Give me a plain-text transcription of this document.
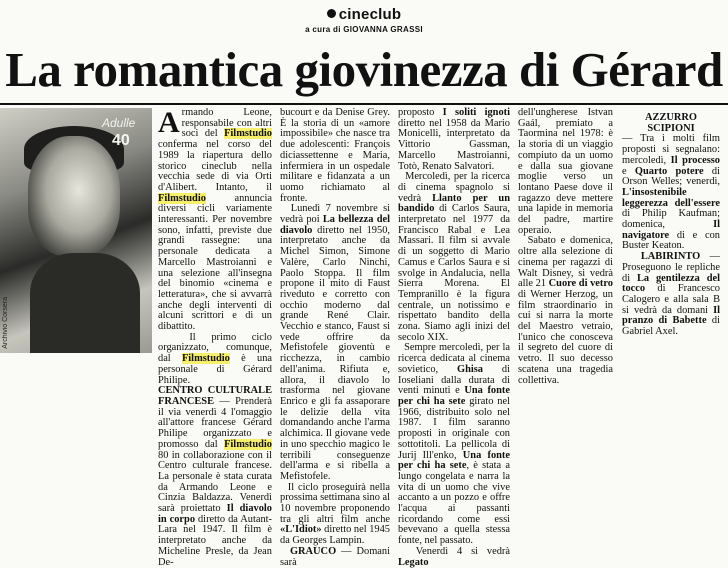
cineclub
a cura di GIOVANNA GRASSI
La romantica giovinezza di Gérard
Adulle
40
Archivio Corsera

Armando Leone, responsabile con altri soci del Filmstudio conferma nel corso del 1989 la riapertura dello storico cineclub nella vecchia sede di via Orti d'Alibert. Intanto, il Filmstudio annuncia diversi cicli variamente interessanti. Per novembre sono, infatti, previste due grandi rassegne: una personale dedicata a Marcello Mastroianni e una selezione all'insegna del binomio «cinema e letteratura», che si avvarrà anche degli interventi di alcuni scrittori e di un dibattito.

Il primo ciclo organizzato, comunque, dal Filmstudio è una personale di Gérard Philipe.

CENTRO CULTURALE FRANCESE — Prenderà il via venerdì 4 l'omaggio all'attore francese Gérard Philipe organizzato e promosso dal Filmstudio 80 in collaborazione con il Centro culturale francese. La personale è stata curata da Armando Leone e Cinzia Baldazza. Venerdì sarà proiettato Il diavolo in corpo diretto da Autant-Lara nel 1947. Il film è interpretato anche da Micheline Presle, da Jean De-

bucourt e da Denise Grey. È la storia di un «amore impossibile» che nasce tra due adolescenti: François diciassettenne e Maria, infermiera in un ospedale militare e fidanzata a un uomo richiamato al fronte.

Lunedì 7 novembre si vedrà poi La bellezza del diavolo diretto nel 1950, interpretato anche da Michel Simon, Simone Valère, Carlo Ninchi, Paolo Stoppa. Il film propone il mito di Faust riveduto e corretto con occhio moderno dal grande René Clair. Vecchio e stanco, Faust si vede offrire da Mefistofele gioventù e ricchezza, in cambio dell'anima. Rifiuta e, allora, il diavolo lo trasforma nel giovane Enrico e gli fa assaporare le delizie della vita domandando anche l'arma alchimica. Il giovane vede in uno specchio magico le terribili conseguenze dell'arma e si ribella a Mefistofele.

Il ciclo proseguirà nella prossima settimana sino al 10 novembre proponendo tra gli altri film anche «L'Idiot» diretto nel 1945 da Georges Lampin.

GRAUCO — Domani sarà

proposto I soliti ignoti diretto nel 1958 da Mario Monicelli, interpretato da Vittorio Gassman, Marcello Mastroianni, Totò, Renato Salvatori.

Mercoledì, per la ricerca di cinema spagnolo si vedrà Llanto per un bandido di Carlos Saura, interpretato nel 1977 da Francisco Rabal e Lea Massari. Il film si avvale di un soggetto di Mario Camus e Carlos Saura e si svolge in Andalucia, nella Sierra Morena. El Tempranillo è la figura centrale, un notissimo e rispettato bandito della zona. Siamo agli inizi del secolo XIX.

Sempre mercoledì, per la ricerca dedicata al cinema sovietico, Ghisa di Ioseliani dalla durata di venti minuti e Una fonte per chi ha sete girato nel 1966, distribuito solo nel 1987. I film saranno proposti in originale con sottotitoli. La pellicola di Jurij Ill'enko, Una fonte per chi ha sete, è stata a lungo congelata e narra la vita di un uomo che vive accanto a un pozzo e offre l'acqua ai passanti ricordando come essi bevevano a quella stessa fonte, nel passato.

Venerdì 4 si vedrà Legato

dell'ungherese Istvan Gaál, premiato a Taormina nel 1978: è la storia di un viaggio compiuto da un uomo e dalla sua giovane moglie verso un lontano Paese dove il ragazzo deve mettere una lapide in memoria del padre, martire operaio.

Sabato e domenica, oltre alla selezione di cinema per ragazzi di Walt Disney, si vedrà alle 21 Cuore di vetro di Werner Herzog, un film straordinario in cui si narra la morte del Maestro vetraio, l'unico che conosceva il segreto del cuore di vetro. Il suo decesso scatena una tragedia collettiva.

AZZURRO SCIPIONI
— Tra i molti film proposti si segnalano: mercoledì, Il processo e Quarto potere di Orson Welles; venerdì, L'insostenibile leggerezza dell'essere di Philip Kaufman; domenica, Il navigatore di e con Buster Keaton.

LABIRINTO — Proseguono le repliche di La gentilezza del tocco di Francesco Calogero e alla sala B si vedrà da domani Il pranzo di Babette di Gabriel Axel.
